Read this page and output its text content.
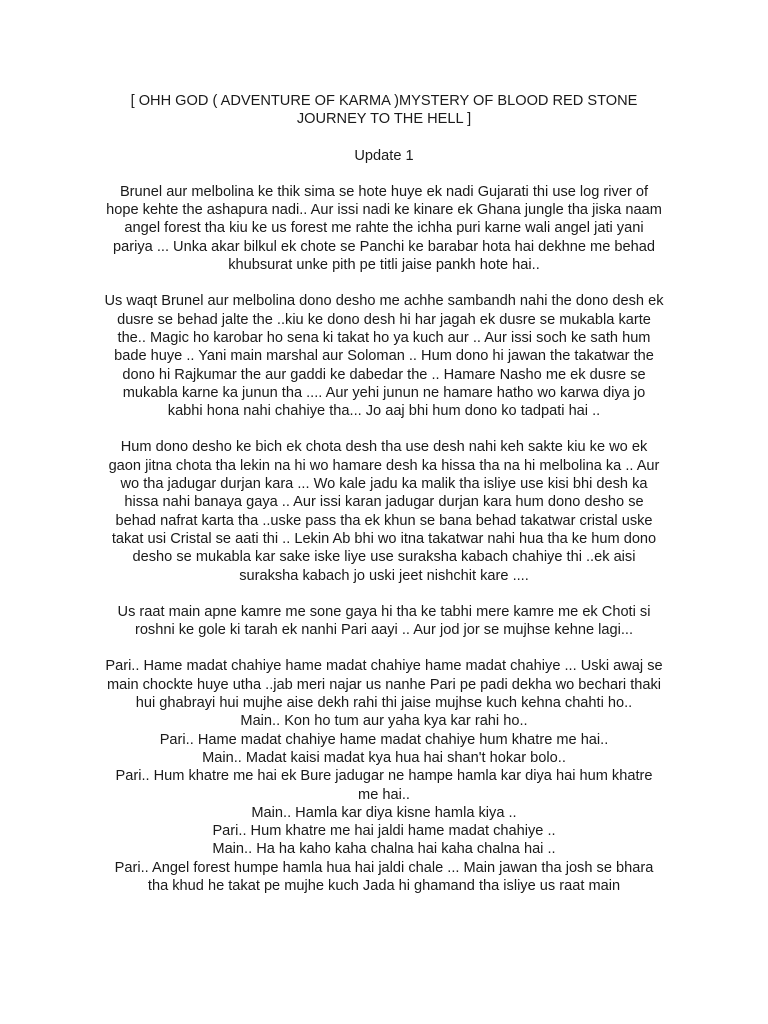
[ OHH GOD ( ADVENTURE OF KARMA )MYSTERY OF BLOOD RED STONE JOURNEY TO THE HELL ]

Update 1

Brunel aur melbolina ke thik sima se hote huye ek nadi Gujarati thi use log river of hope kehte the ashapura nadi.. Aur issi nadi ke kinare ek Ghana jungle tha jiska naam angel forest tha kiu ke us forest me rahte the ichha puri karne wali angel jati yani pariya ... Unka akar bilkul ek chote se Panchi ke barabar hota hai dekhne me behad khubsurat unke pith pe titli jaise pankh hote hai..

Us waqt Brunel aur melbolina dono desho me achhe sambandh nahi the dono desh ek dusre se behad jalte the ..kiu ke dono desh hi har jagah ek dusre se mukabla karte the.. Magic ho karobar ho sena ki takat ho ya kuch aur .. Aur issi soch ke sath hum bade huye .. Yani main marshal aur Soloman .. Hum dono hi jawan the takatwar the dono hi Rajkumar the aur gaddi ke dabedar the .. Hamare Nasho me ek dusre se mukabla karne ka junun tha .... Aur yehi junun ne hamare hatho wo karwa diya jo kabhi hona nahi chahiye tha... Jo aaj bhi hum dono ko tadpati hai ..

Hum dono desho ke bich ek chota desh tha use desh nahi keh sakte kiu ke wo ek gaon jitna chota tha lekin na hi wo hamare desh ka hissa tha na hi melbolina ka .. Aur wo tha jadugar durjan kara ... Wo kale jadu ka malik tha isliye use kisi bhi desh ka hissa nahi banaya gaya .. Aur issi karan jadugar durjan kara hum dono desho se behad nafrat karta tha ..uske pass tha ek khun se bana behad takatwar cristal uske takat usi Cristal se aati thi .. Lekin Ab bhi wo itna takatwar nahi hua tha ke hum dono desho se mukabla kar sake iske liye use suraksha kabach chahiye thi ..ek aisi suraksha kabach jo uski jeet nishchit kare ....

Us raat main apne kamre me sone gaya hi tha ke tabhi mere kamre me ek Choti si roshni ke gole ki tarah ek nanhi Pari aayi .. Aur jod jor se mujhse kehne lagi...

Pari.. Hame madat chahiye hame madat chahiye hame madat chahiye ... Uski awaj se main chockte huye utha ..jab meri najar us nanhe Pari pe padi dekha wo bechari thaki hui ghabrayi hui mujhe aise dekh rahi thi jaise mujhse kuch kehna chahti ho..
Main.. Kon ho tum aur yaha kya kar rahi ho..
Pari.. Hame madat chahiye hame madat chahiye hum khatre me hai..
Main.. Madat kaisi madat kya hua hai shan't hokar bolo..
Pari.. Hum khatre me hai ek Bure jadugar ne hampe hamla kar diya hai hum khatre me hai..
Main.. Hamla kar diya kisne hamla kiya ..
Pari.. Hum khatre me hai jaldi hame madat chahiye ..
Main.. Ha ha kaho kaha chalna hai kaha chalna hai ..
Pari.. Angel forest humpe hamla hua hai jaldi chale ... Main jawan tha josh se bhara tha khud he takat pe mujhe kuch Jada hi ghamand tha isliye us raat main
